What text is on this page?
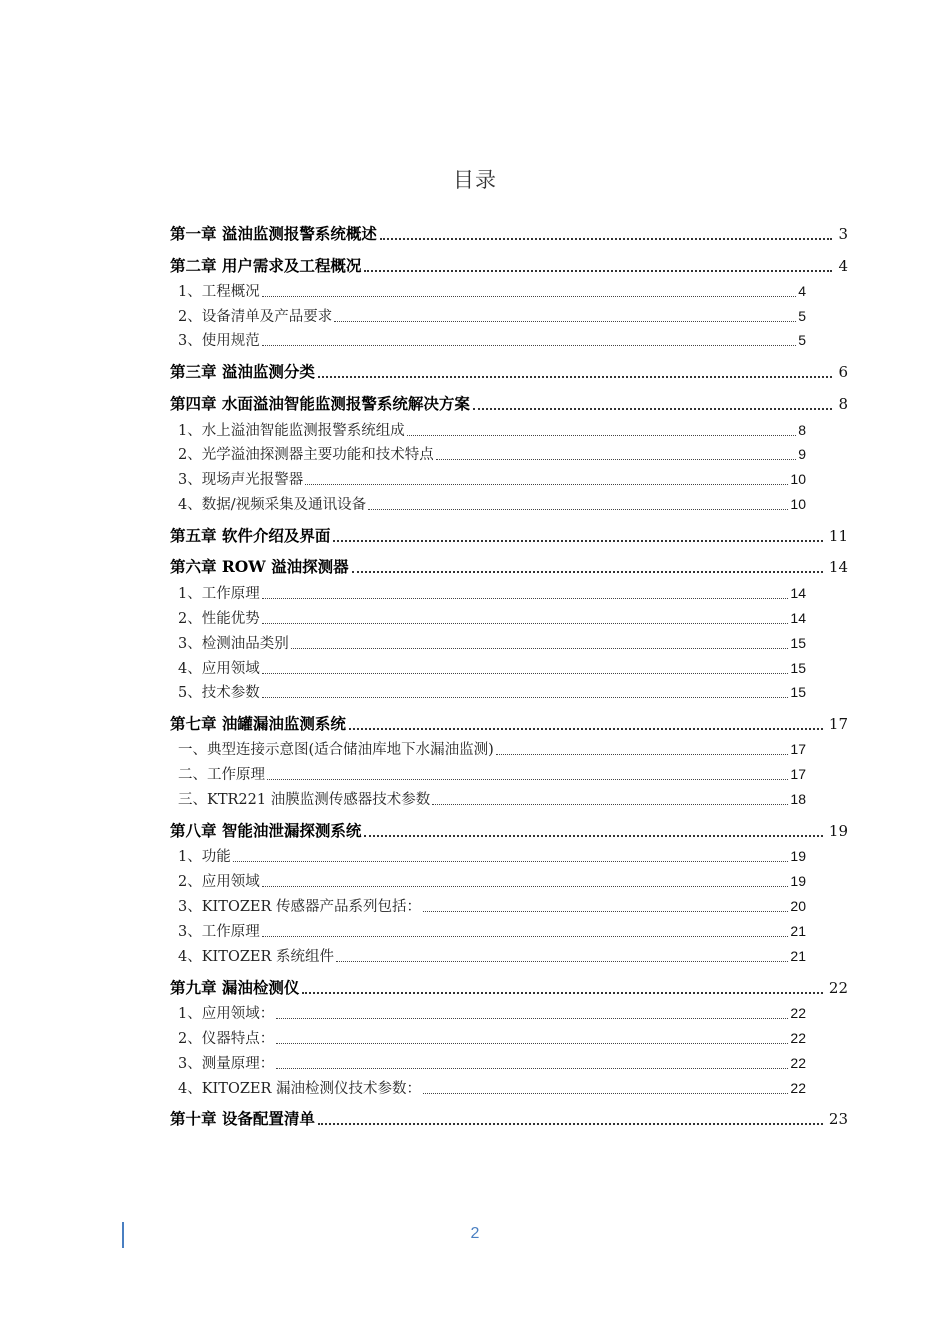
目录
第一章 溢油监测报警系统概述	3
第二章 用户需求及工程概况	4
1、工程概况	4
2、设备清单及产品要求	5
3、使用规范	5
第三章 溢油监测分类	6
第四章 水面溢油智能监测报警系统解决方案	8
1、水上溢油智能监测报警系统组成	8
2、光学溢油探测器主要功能和技术特点	9
3、现场声光报警器	10
4、数据/视频采集及通讯设备	10
第五章 软件介绍及界面	11
第六章 ROW 溢油探测器	14
1、工作原理	14
2、性能优势	14
3、检测油品类别	15
4、应用领域	15
5、技术参数	15
第七章 油罐漏油监测系统	17
一、典型连接示意图(适合储油库地下水漏油监测)	17
二、工作原理	17
三、KTR221 油膜监测传感器技术参数	18
第八章 智能油泄漏探测系统	19
1、功能	19
2、应用领域	19
3、KITOZER 传感器产品系列包括：	20
3、工作原理	21
4、KITOZER 系统组件	21
第九章 漏油检测仪	22
1、应用领域：	22
2、仪器特点：	22
3、测量原理：	22
4、KITOZER 漏油检测仪技术参数：	22
第十章 设备配置清单	23
2
